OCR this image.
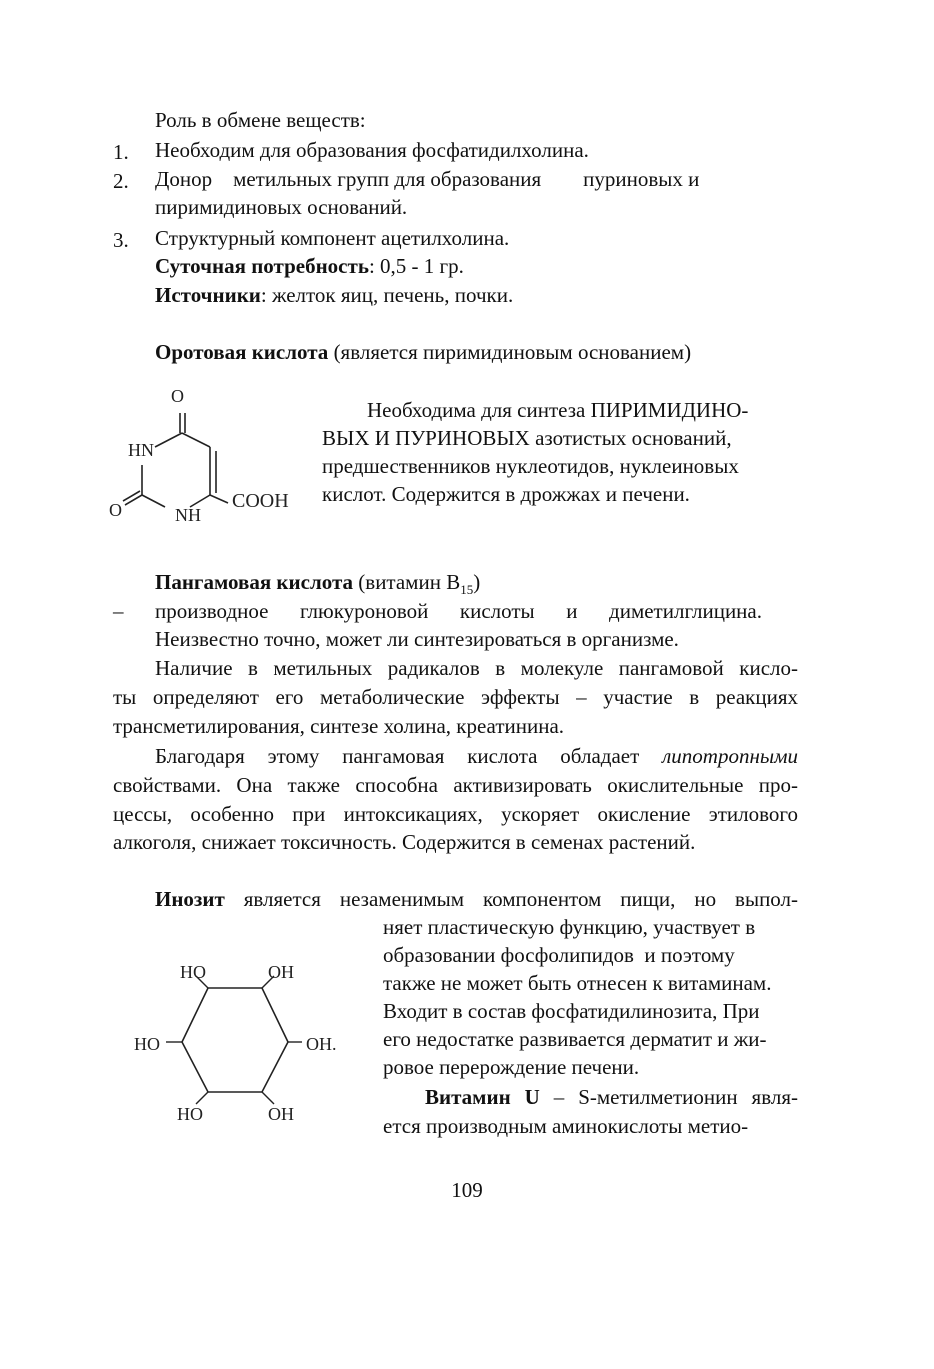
Роль в обмене веществ:
1. Необходим для образования фосфатидилхолина.
2. Донор    метильных групп для образования        пуриновых и
пиримидиновых оснований.
3. Структурный компонент ацетилхолина.
Суточная потребность: 0,5 - 1 гр.
Источники: желток яиц, печень, почки.
Оротовая кислота (является пиримидиновым основанием)
O
HN
O	NH
COOH
Необходима для синтеза ПИРИМИДИНО-
ВЫХ И ПУРИНОВЫХ азотистых оснований,
предшественников нуклеотидов, нуклеиновых
кислот. Содержится в дрожжах и печени.
Пангамовая кислота (витамин $В_{15}$)
– производное глюкуроновой кислоты и диметилглицина.
Неизвестно точно, может ли синтезироваться в организме.
Наличие в метильных радикалов в молекуле пангамовой кисло-
ты определяют его метаболические эффекты – участие в реакциях
трансметилирования, синтезе холина, креатинина.
Благодаря этому пангамовая кислота обладает липотропными
свойствами. Она также способна активизировать окислительные про-
цессы, особенно при интоксикациях, ускоряет окисление этилового
алкоголя, снижает токсичность. Содержится в семенах растений.
Инозит является незаменимым компонентом пищи, но выпол-
няет пластическую функцию, участвует в
образовании фосфолипидов  и поэтому
также не может быть отнесен к витаминам.
Входит в состав фосфатидилинозита, При
его недостатке развивается дерматит и жи-
ровое перерождение печени.
HO	OH
HO	OH.
HO	OH
Витамин U – S-метилметионин явля-
ется производным аминокислоты метио-
109
